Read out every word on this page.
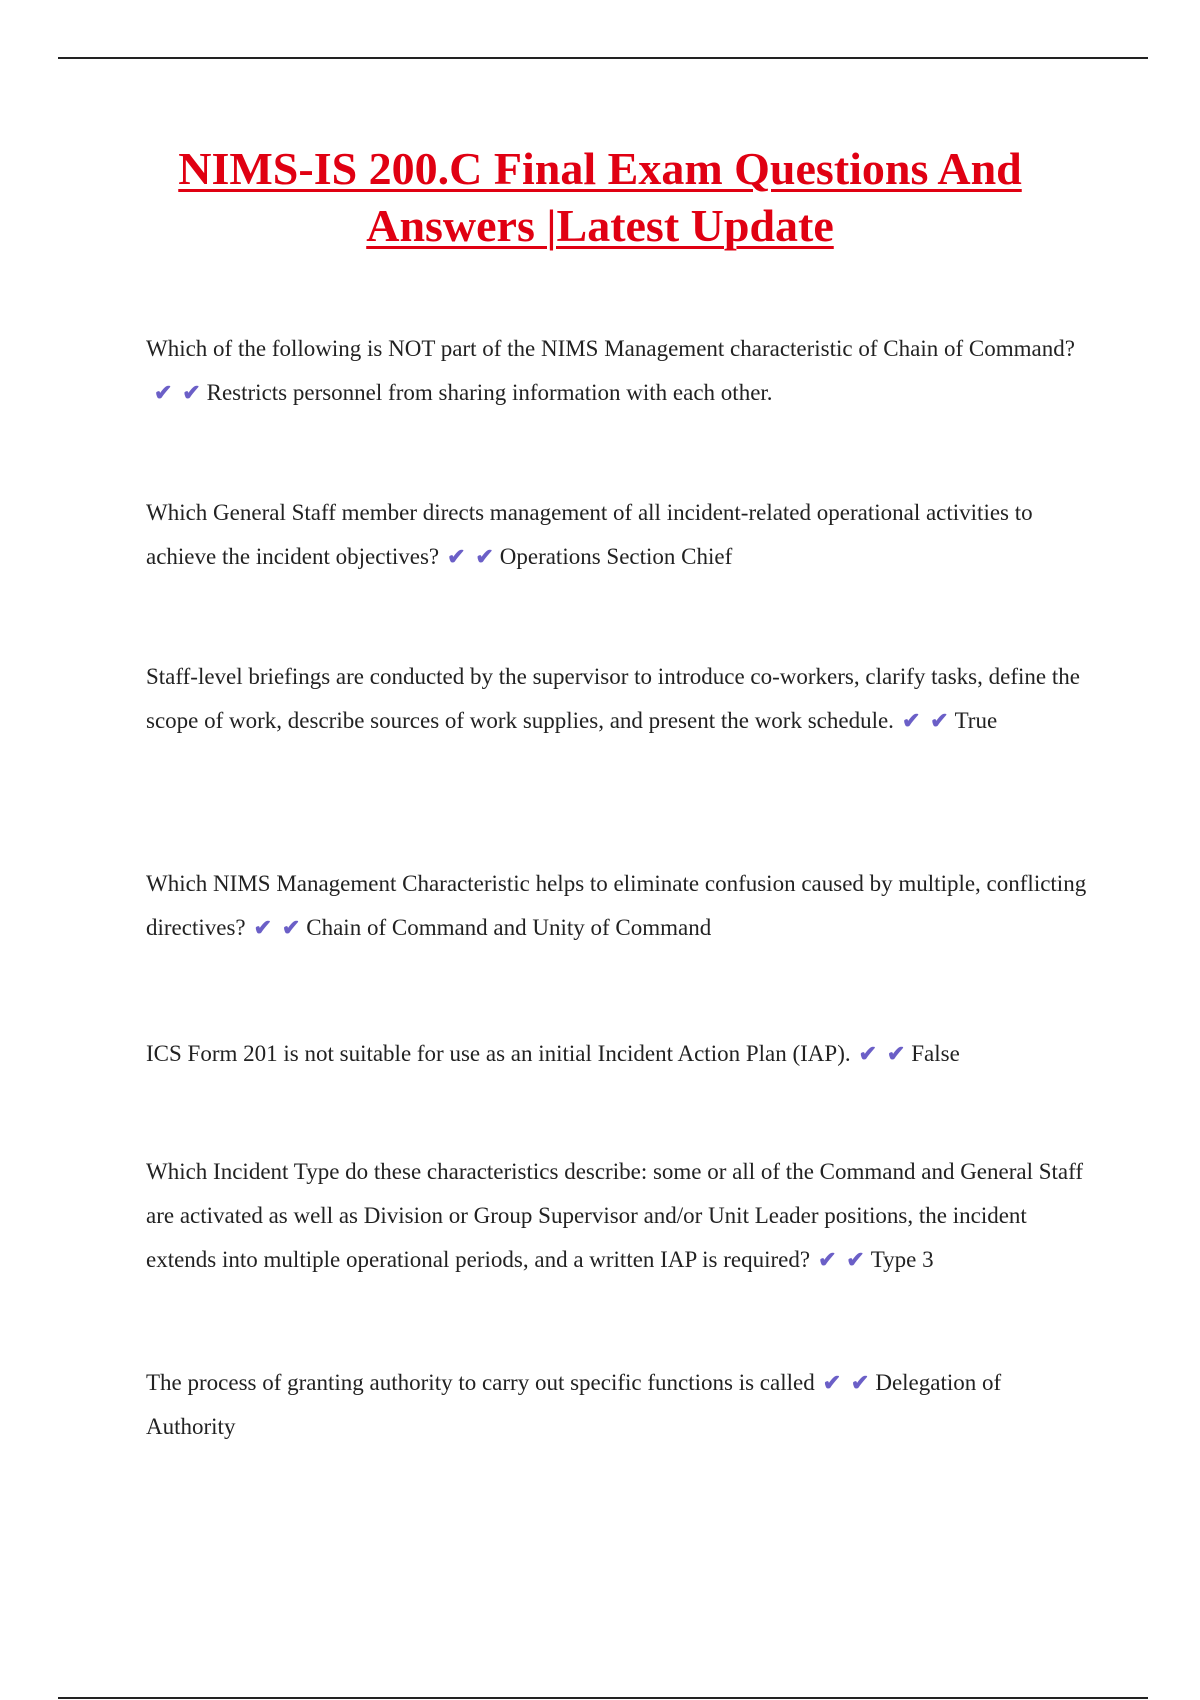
NIMS-IS 200.C Final Exam Questions And
Answers |Latest Update
Which of the following is NOT part of the NIMS Management characteristic of Chain of Command?✔ ✔ Restricts personnel from sharing information with each other.
Which General Staff member directs management of all incident-related operational activities to achieve the incident objectives? ✔ ✔ Operations Section Chief
Staff-level briefings are conducted by the supervisor to introduce co-workers, clarify tasks, define the scope of work, describe sources of work supplies, and present the work schedule. ✔ ✔ True
Which NIMS Management Characteristic helps to eliminate confusion caused by multiple, conflicting directives? ✔ ✔ Chain of Command and Unity of Command
ICS Form 201 is not suitable for use as an initial Incident Action Plan (IAP). ✔ ✔ False
Which Incident Type do these characteristics describe: some or all of the Command and General Staff are activated as well as Division or Group Supervisor and/or Unit Leader positions, the incident extends into multiple operational periods, and a written IAP is required? ✔ ✔ Type 3
The process of granting authority to carry out specific functions is called ✔ ✔ Delegation of Authority
